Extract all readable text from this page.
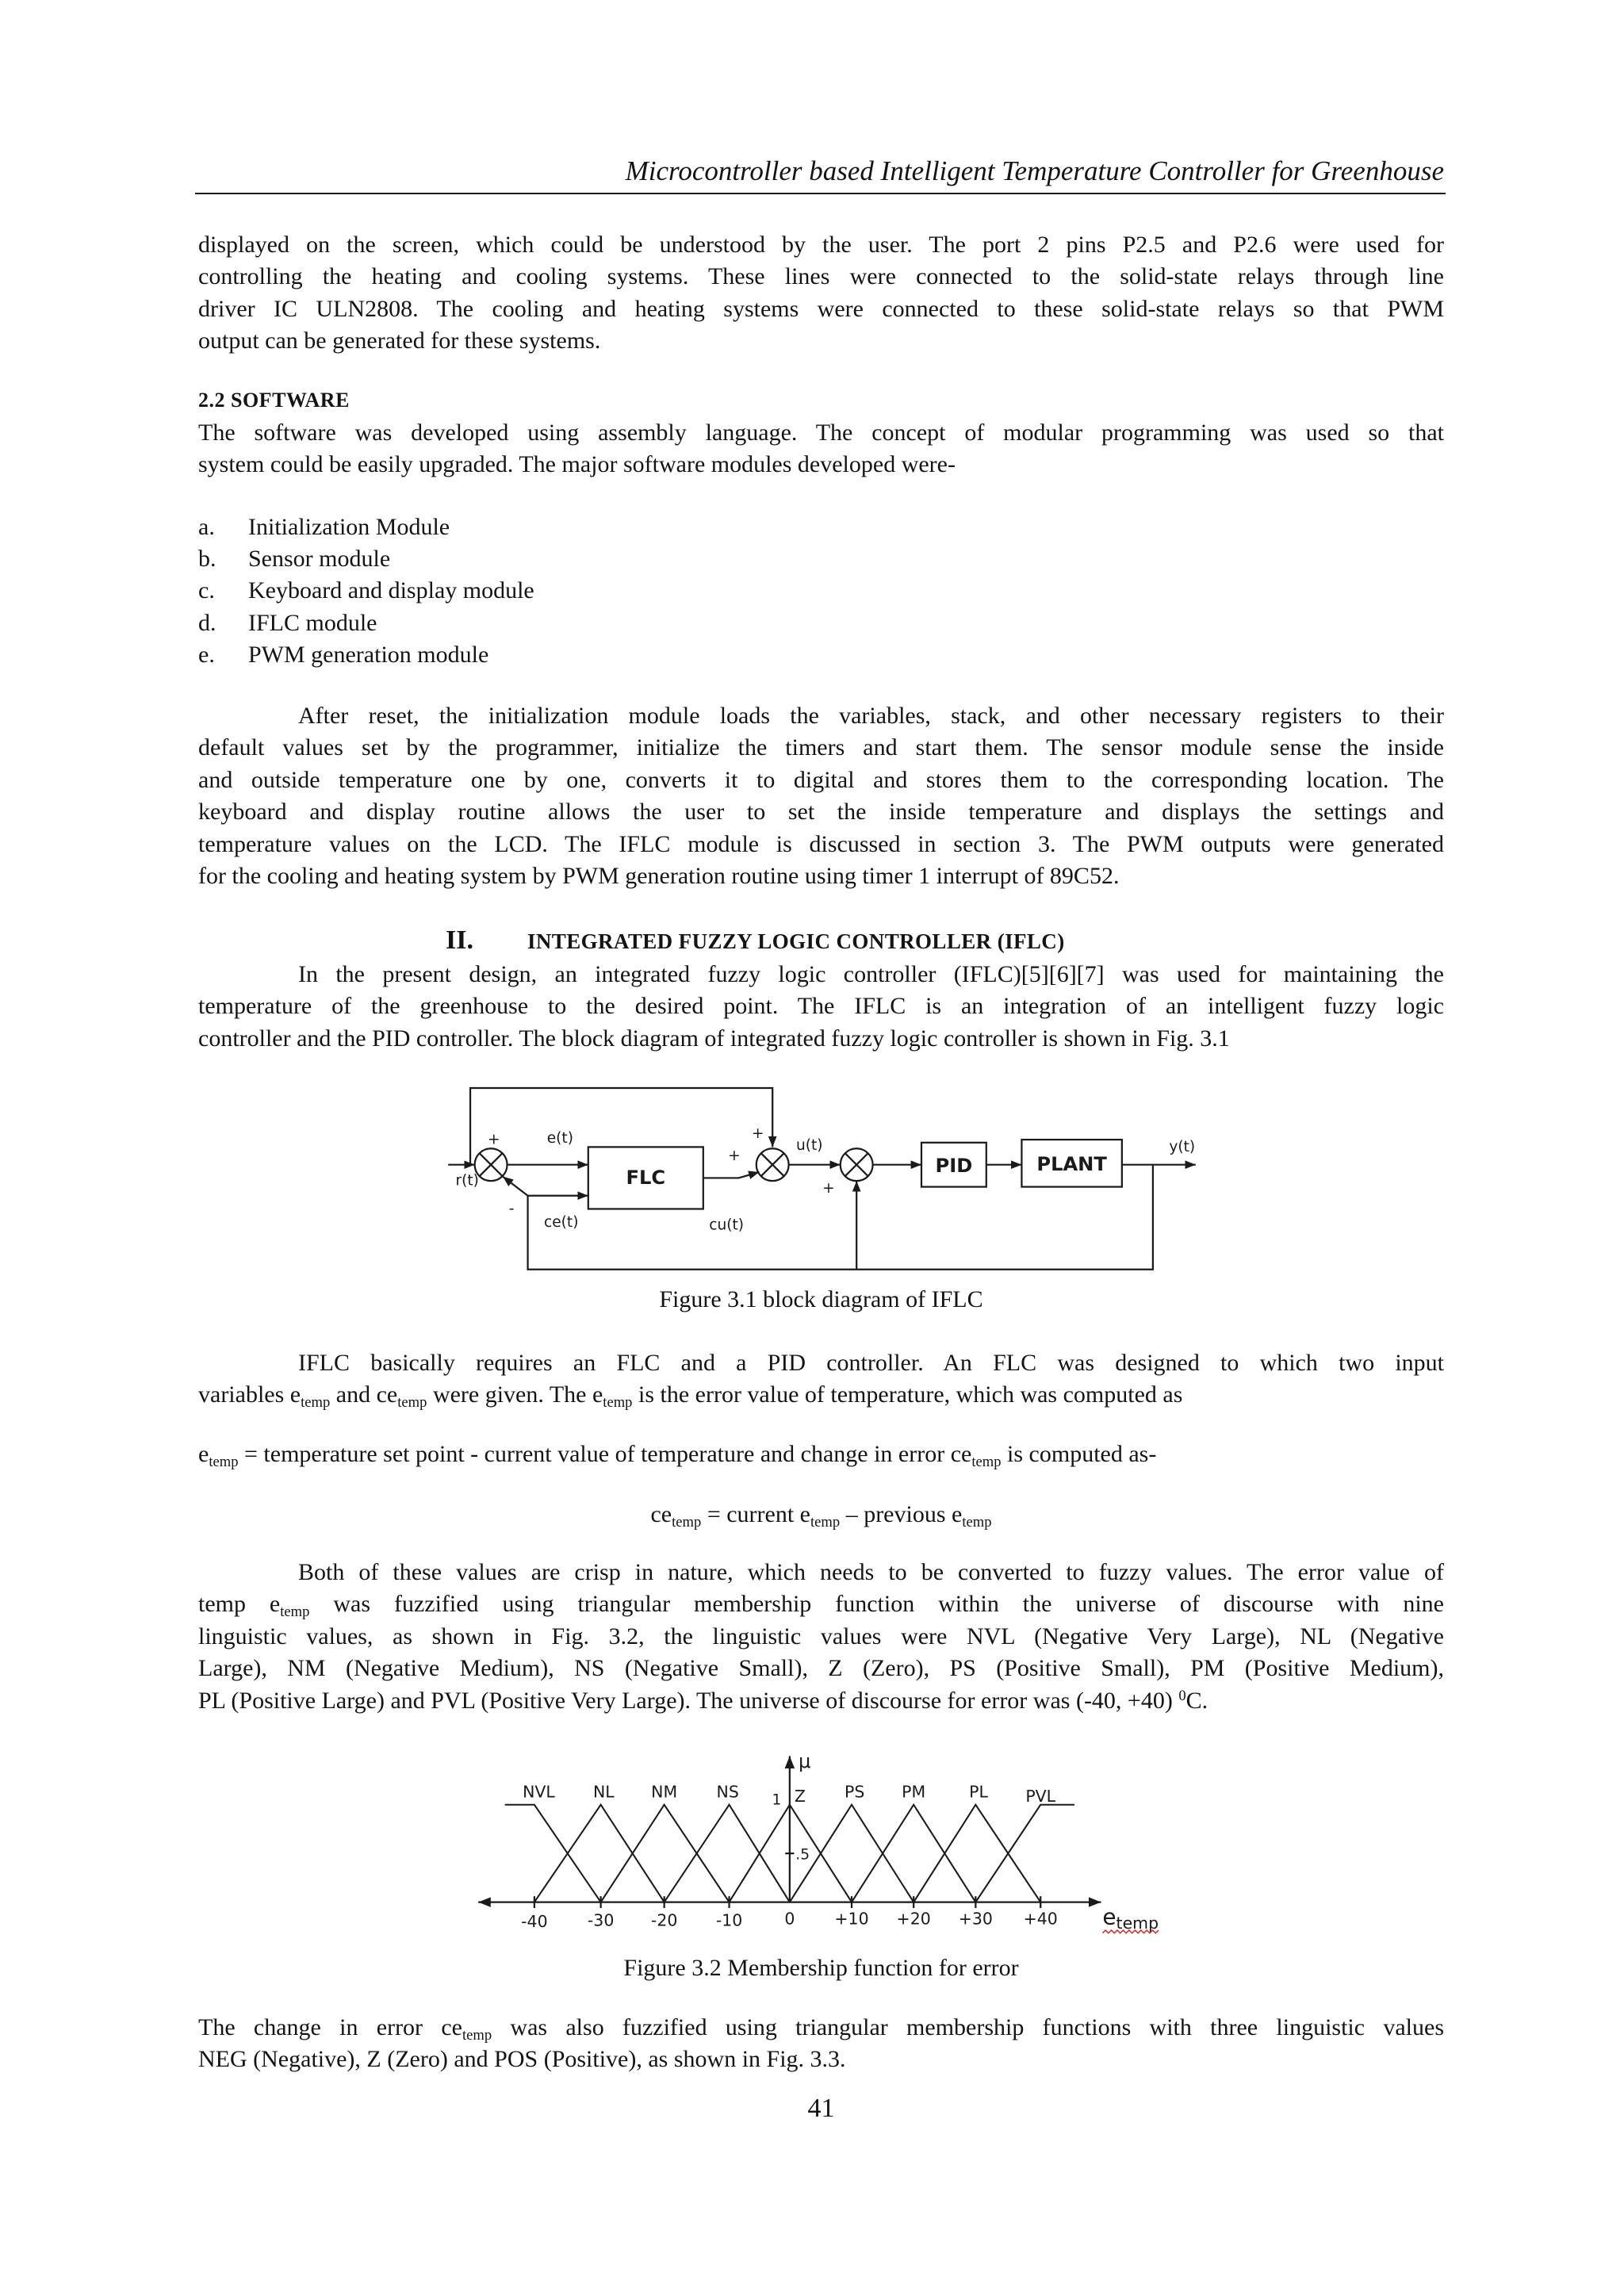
Microcontroller based Intelligent Temperature Controller for Greenhouse
displayed on the screen, which could be understood by the user. The port 2 pins P2.5 and P2.6 were used for
controlling the heating and cooling systems. These lines were connected to the solid-state relays through line
driver IC ULN2808. The cooling and heating systems were connected to these solid-state relays so that PWM
output can be generated for these systems.
2.2 SOFTWARE
The software was developed using assembly language. The concept of modular programming was used so that
system could be easily upgraded. The major software modules developed were-
a. Initialization Module
b. Sensor module
c. Keyboard and display module
d. IFLC module
e. PWM generation module
After reset, the initialization module loads the variables, stack, and other necessary registers to their
default values set by the programmer, initialize the timers and start them. The sensor module sense the inside
and outside temperature one by one, converts it to digital and stores them to the corresponding location. The
keyboard and display routine allows the user to set the inside temperature and displays the settings and
temperature values on the LCD. The IFLC module is discussed in section 3. The PWM outputs were generated
for the cooling and heating system by PWM generation routine using timer 1 interrupt of 89C52.
II.	INTEGRATED FUZZY LOGIC CONTROLLER (IFLC)
In the present design, an integrated fuzzy logic controller (IFLC)[5][6][7] was used for maintaining the
temperature of the greenhouse to the desired point. The IFLC is an integration of an intelligent fuzzy logic
controller and the PID controller. The block diagram of integrated fuzzy logic controller is shown in Fig. 3.1
r(t)
+
-
e(t)
FLC
ce(t)	cu(t)
+
+
u(t)
+
PID	PLANT
y(t)
Figure 3.1 block diagram of IFLC
IFLC basically requires an FLC and a PID controller. An FLC was designed to which two input
variables $e_{temp}$ and $ce_{temp}$ were given. The $e_{temp}$ is the error value of temperature, which was computed as
$e_{temp}$ = temperature set point - current value of temperature and change in error $ce_{temp}$ is computed as-
$ce_{temp}$ = current $e_{temp}$ – previous $e_{temp}$
Both of these values are crisp in nature, which needs to be converted to fuzzy values. The error value of
temp $e_{temp}$ was fuzzified using triangular membership function within the universe of discourse with nine
linguistic values, as shown in Fig. 3.2, the linguistic values were NVL (Negative Very Large), NL (Negative
Large), NM (Negative Medium), NS (Negative Small), Z (Zero), PS (Positive Small), PM (Positive Medium),
PL (Positive Large) and PVL (Positive Very Large). The universe of discourse for error was (-40, +40) $^0$C.
μ
1
.5
NVL	NL	NM	NS	Z	PS	PM	PL	PVL
-40	-30	-20	-10	0	+10	+20	+30	+40	$e_{temp}$
Figure 3.2 Membership function for error
The change in error $ce_{temp}$ was also fuzzified using triangular membership functions with three linguistic values
NEG (Negative), Z (Zero) and POS (Positive), as shown in Fig. 3.3.
41
